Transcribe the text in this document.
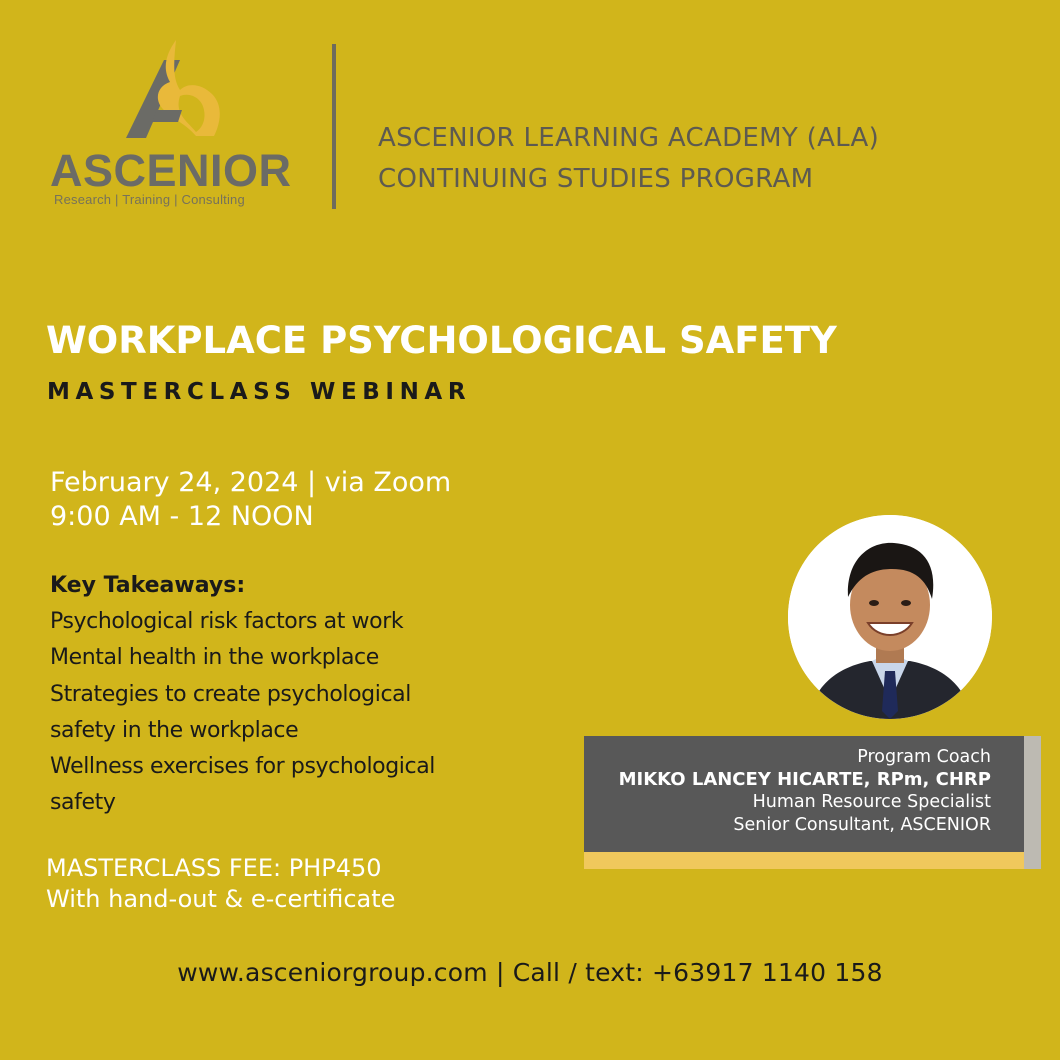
ASCENIOR
Research | Training | Consulting
ASCENIOR LEARNING ACADEMY (ALA)
CONTINUING STUDIES PROGRAM
WORKPLACE PSYCHOLOGICAL SAFETY
MASTERCLASS WEBINAR
February 24, 2024 | via Zoom
9:00 AM - 12 NOON
Key Takeaways:
Psychological risk factors at work
Mental health in the workplace
Strategies to create psychological
safety in the workplace
Wellness exercises for psychological
safety
MASTERCLASS FEE: PHP450
With hand-out & e-certificate
Program Coach
MIKKO LANCEY HICARTE, RPm, CHRP
Human Resource Specialist
Senior Consultant, ASCENIOR
www.asceniorgroup.com | Call / text: +63917 1140 158
